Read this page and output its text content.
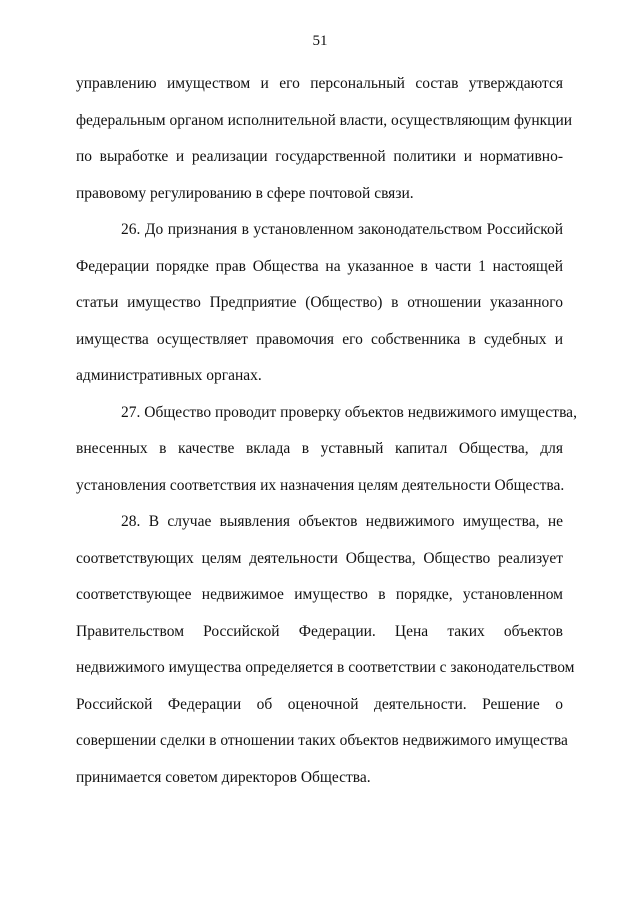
51
управлению имуществом и его персональный состав утверждаются
федеральным органом исполнительной власти, осуществляющим функции
по выработке и реализации государственной политики и нормативно-
правовому регулированию в сфере почтовой связи.
26. До признания в установленном законодательством Российской
Федерации порядке прав Общества на указанное в части 1 настоящей
статьи имущество Предприятие (Общество) в отношении указанного
имущества осуществляет правомочия его собственника в судебных и
административных органах.
27. Общество проводит проверку объектов недвижимого имущества,
внесенных в качестве вклада в уставный капитал Общества, для
установления соответствия их назначения целям деятельности Общества.
28. В случае выявления объектов недвижимого имущества, не
соответствующих целям деятельности Общества, Общество реализует
соответствующее недвижимое имущество в порядке, установленном
Правительством Российской Федерации. Цена таких объектов
недвижимого имущества определяется в соответствии с законодательством
Российской Федерации об оценочной деятельности. Решение о
совершении сделки в отношении таких объектов недвижимого имущества
принимается советом директоров Общества.
